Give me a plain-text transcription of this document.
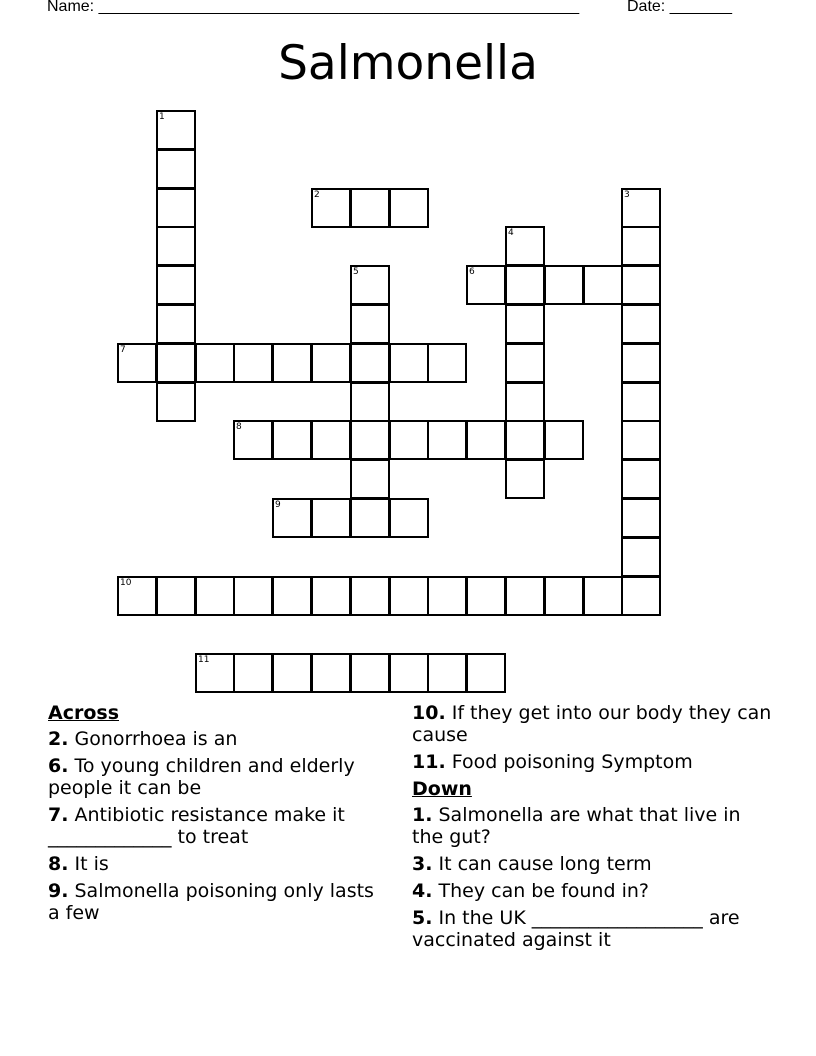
Name: ______________________________________________________	Date: _______
Salmonella
1
2	3
4
5	6
7
8
9
10
11
Across
2. Gonorrhoea is an
6. To young children and elderly people it can be
7. Antibiotic resistance make it _____________ to treat
8. It is
9. Salmonella poisoning only lasts a few
10. If they get into our body they can cause
11. Food poisoning Symptom
Down
1. Salmonella are what that live in the gut?
3. It can cause long term
4. They can be found in?
5. In the UK __________________ are vaccinated against it
